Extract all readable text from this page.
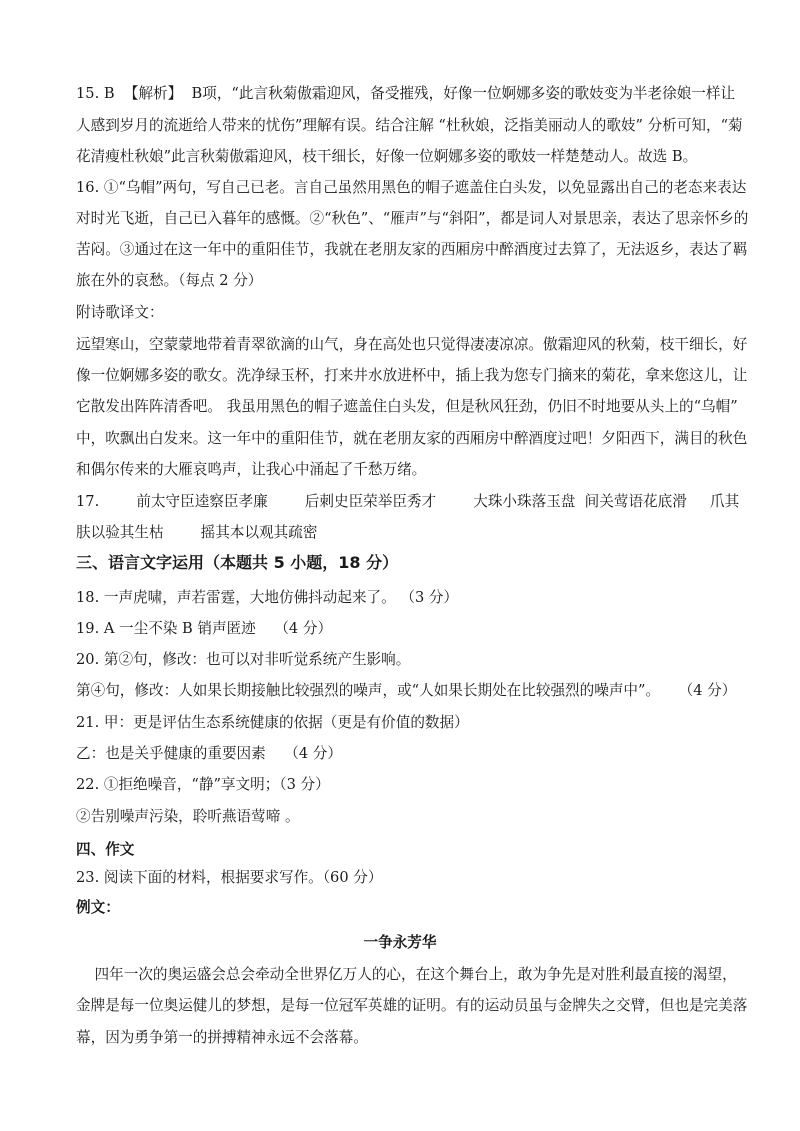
15. B  【解析】  B项，“此言秋菊傲霜迎风，备受摧残，好像一位婀娜多姿的歌妓变为半老徐娘一样让
人感到岁月的流逝给人带来的忧伤”理解有误。结合注解 “杜秋娘，泛指美丽动人的歌妓” 分析可知，“菊
花清瘦杜秋娘”此言秋菊傲霜迎风，枝干细长，好像一位婀娜多姿的歌妓一样楚楚动人。故选 B。
16. ①“乌帽”两句，写自己已老。言自己虽然用黑色的帽子遮盖住白头发，以免显露出自己的老态来表达
对时光飞逝，自己已入暮年的感慨。②“秋色”、“雁声”与“斜阳”，都是词人对景思亲，表达了思亲怀乡的
苦闷。③通过在这一年中的重阳佳节，我就在老朋友家的西厢房中醉酒度过去算了，无法返乡，表达了羁
旅在外的哀愁。（每点 2 分）
附诗歌译文：
远望寒山，空蒙蒙地带着青翠欲滴的山气，身在高处也只觉得凄凄凉凉。傲霜迎风的秋菊，枝干细长，好
像一位婀娜多姿的歌女。洗净绿玉杯，打来井水放进杯中，插上我为您专门摘来的菊花，拿来您这儿，让
它散发出阵阵清香吧。 我虽用黑色的帽子遮盖住白头发，但是秋风狂劲，仍旧不时地要从头上的“乌帽”
中，吹飘出白发来。这一年中的重阳佳节，就在老朋友家的西厢房中醉酒度过吧！夕阳西下，满目的秋色
和偶尔传来的大雁哀鸣声，让我心中涌起了千愁万绪。
17.        前太守臣逵察臣孝廉        后刺史臣荣举臣秀才        大珠小珠落玉盘  间关莺语花底滑     爪其
肤以验其生枯        摇其本以观其疏密
三、语言文字运用（本题共 5 小题，18 分）
18. 一声虎啸，声若雷霆，大地仿佛抖动起来了。 （3 分）
19. A 一尘不染 B 销声匿迹    （4 分）
20. 第②句，修改：也可以对非听觉系统产生影响。
第④句，修改：人如果长期接触比较强烈的噪声，或“人如果长期处在比较强烈的噪声中”。    （4 分）
21. 甲：更是评估生态系统健康的依据（更是有价值的数据）
乙：也是关乎健康的重要因素    （4 分）
22. ①拒绝噪音，“静”享文明；（3 分）
②告别噪声污染，聆听燕语莺啼 。
四、作文
23. 阅读下面的材料，根据要求写作。（60 分）
例文：
一争永芳华
四年一次的奥运盛会总会牵动全世界亿万人的心，在这个舞台上，敢为争先是对胜利最直接的渴望，
金牌是每一位奥运健儿的梦想，是每一位冠军英雄的证明。有的运动员虽与金牌失之交臂，但也是完美落
幕，因为勇争第一的拼搏精神永远不会落幕。
